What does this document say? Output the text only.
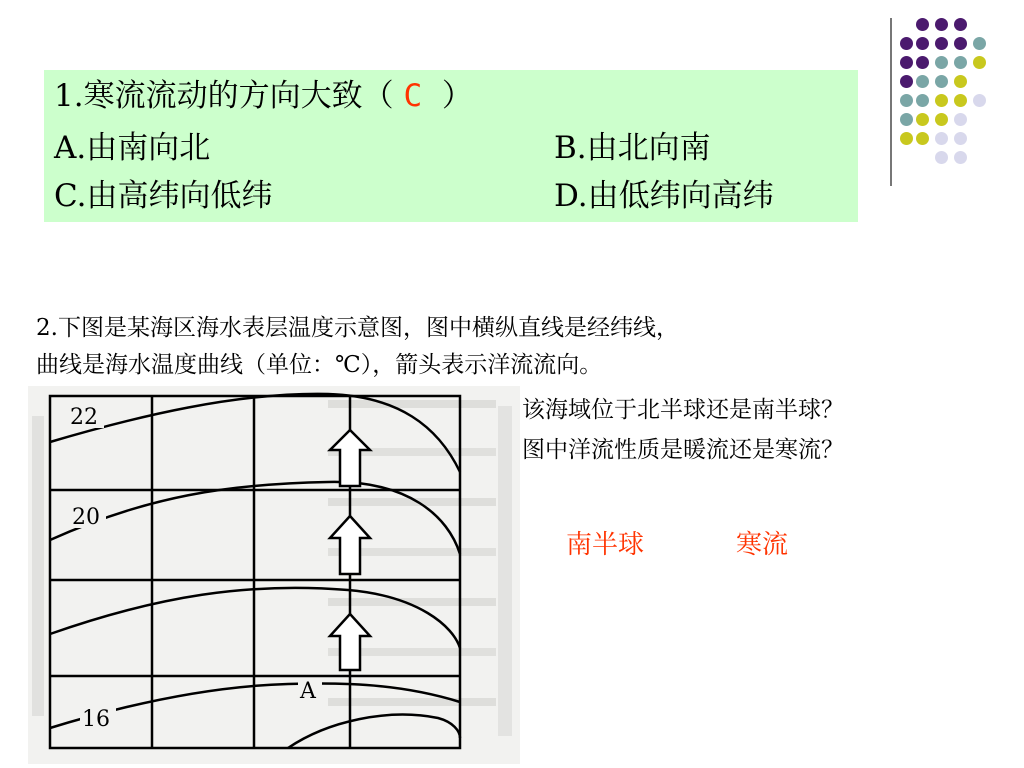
1.寒流流动的方向大致（ C ）
A.由南向北	B.由北向南
C.由高纬向低纬	D.由低纬向高纬
2.下图是某海区海水表层温度示意图，图中横纵直线是经纬线，
曲线是海水温度曲线（单位：℃），箭头表示洋流流向。
该海域位于北半球还是南半球？
图中洋流性质是暖流还是寒流？
南半球	寒流
22
20
16
A
